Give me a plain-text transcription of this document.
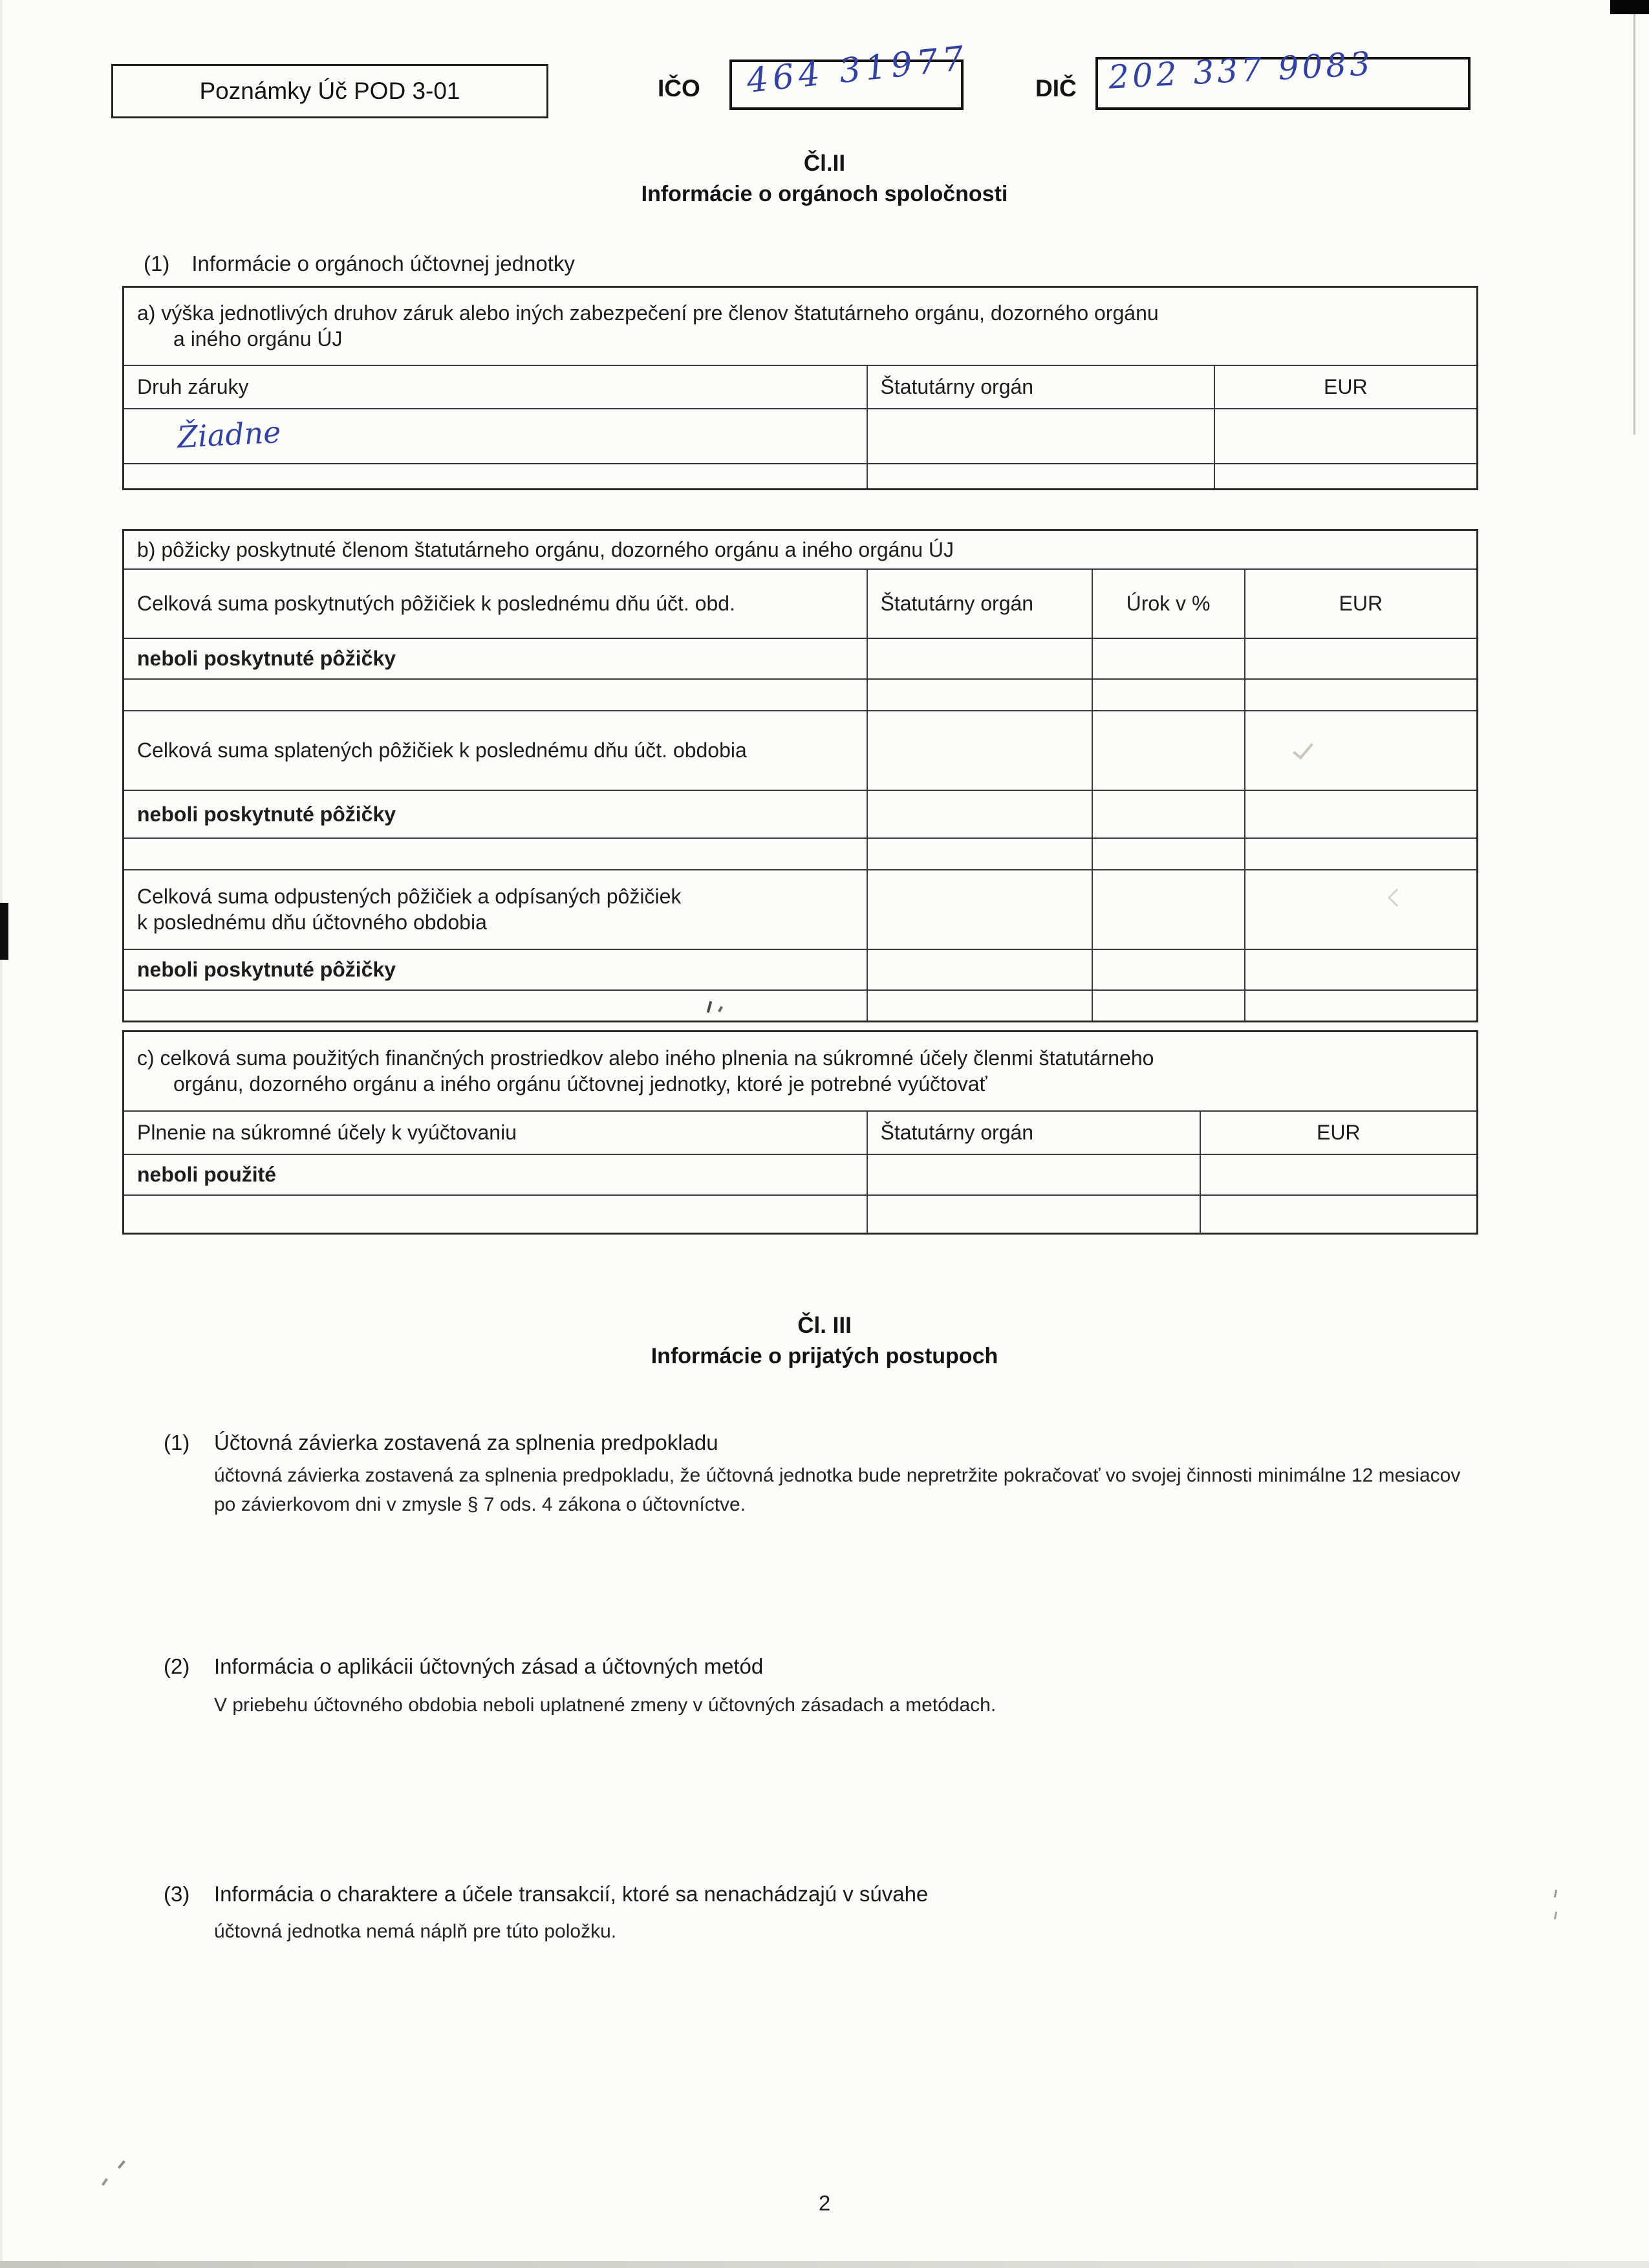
Poznámky Úč POD 3-01	IČO 464 31977	DIČ 202 337 9083
Čl.II
Informácie o orgánoch spoločnosti
(1) Informácie o orgánoch účtovnej jednotky
a) výška jednotlivých druhov záruk alebo iných zabezpečení pre členov štatutárneho orgánu, dozorného orgánu
a iného orgánu ÚJ		

Druh záruky	Štatutárny orgán	EUR
Žiadne		

b) pôžicky poskytnuté členom štatutárneho orgánu, dozorného orgánu a iného orgánu ÚJ			
Celková suma poskytnutých pôžičiek k poslednému dňu účt. obd.	Štatutárny orgán	Úrok v %	EUR
neboli poskytnuté pôžičky			

Celková suma splatených pôžičiek k poslednému dňu účt. obdobia			
neboli poskytnuté pôžičky			

Celková suma odpustených pôžičiek a odpísaných pôžičiek
k poslednému dňu účtovného obdobia			

neboli poskytnuté pôžičky			

c) celková suma použitých finančných prostriedkov alebo iného plnenia na súkromné účely členmi štatutárneho
orgánu, dozorného orgánu a iného orgánu účtovnej jednotky, ktoré je potrebné vyúčtovať		

Plnenie na súkromné účely k vyúčtovaniu	Štatutárny orgán	EUR
neboli použité		

Čl. III
Informácie o prijatých postupoch
(1)	Účtovná závierka zostavená za splnenia predpokladu
účtovná závierka zostavená za splnenia predpokladu, že účtovná jednotka bude nepretržite pokračovať vo svojej činnosti minimálne 12 mesiacov po závierkovom dni v zmysle § 7 ods. 4 zákona o účtovníctve.
(2)	Informácia o aplikácii účtovných zásad a účtovných metód
V priebehu účtovného obdobia neboli uplatnené zmeny v účtovných zásadach a metódach.
(3)	Informácia o charaktere a účele transakcií, ktoré sa nenachádzajú v súvahe
účtovná jednotka nemá náplň pre túto položku.
2
